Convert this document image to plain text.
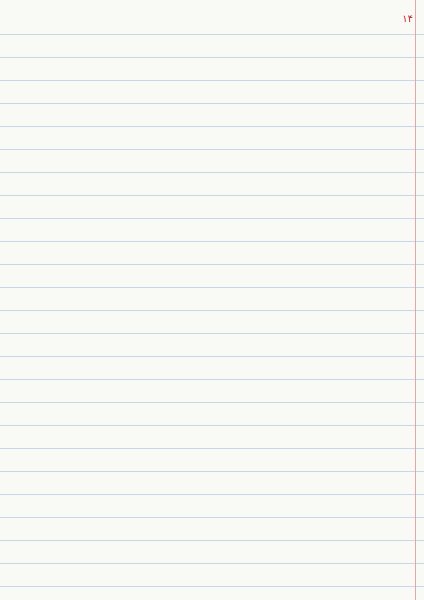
۱۴
